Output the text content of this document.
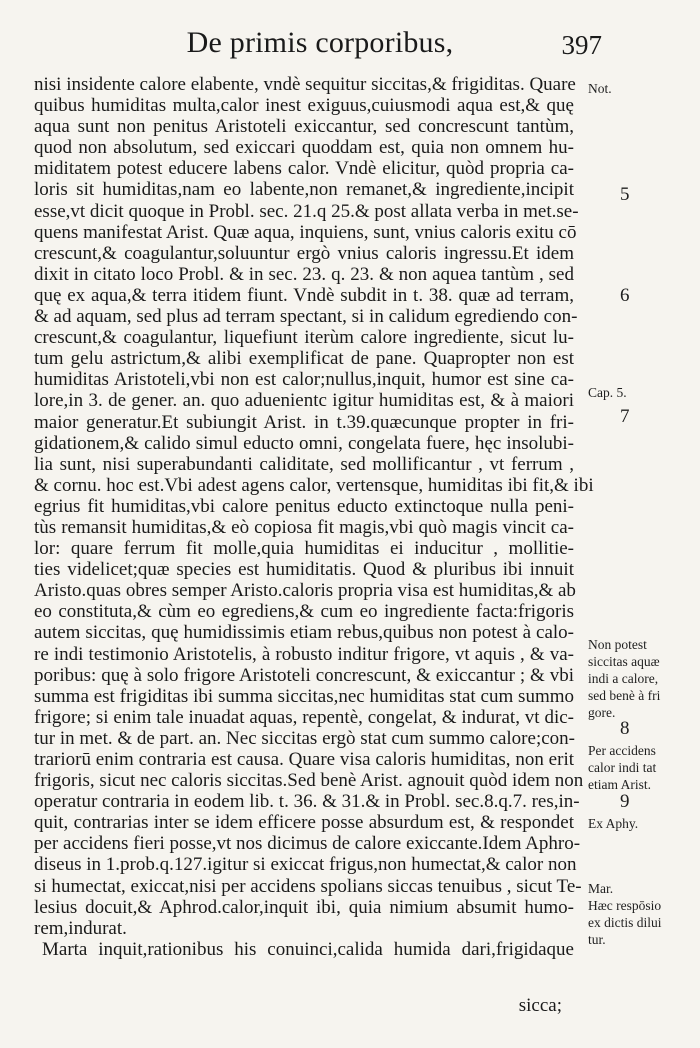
De primis corporibus,	397
nisi insidente calore elabente, vndè sequitur siccitas,& frigiditas. Quare
quibus humiditas multa,calor inest exiguus,cuiusmodi aqua est,& quę
aqua sunt non penitus Aristoteli exiccantur, sed concrescunt tantùm,
quod non absolutum, sed exiccari quoddam est, quia non omnem hu-
miditatem potest educere labens calor. Vndè elicitur, quòd propria ca-
loris sit humiditas,nam eo labente,non remanet,& ingrediente,incipit
esse,vt dicit quoque in Probl. sec. 21.q 25.& post allata verba in met.se-
quens manifestat Arist. Quæ aqua, inquiens, sunt, vnius caloris exitu cō
crescunt,& coagulantur,soluuntur ergò vnius caloris ingressu.Et idem
dixit in citato loco Probl. & in sec. 23. q. 23. & non aquea tantùm , sed
quę ex aqua,& terra itidem fiunt. Vndè subdit in t. 38. quæ ad terram,
& ad aquam, sed plus ad terram spectant, si in calidum egrediendo con-
crescunt,& coagulantur, liquefiunt iterùm calore ingrediente, sicut lu-
tum gelu astrictum,& alibi exemplificat de pane. Quapropter non est
humiditas Aristoteli,vbi non est calor;nullus,inquit, humor est sine ca-
lore,in 3. de gener. an. quo aduenientc igitur humiditas est, & à maiori
maior generatur.Et subiungit Arist. in t.39.quæcunque propter in fri-
gidationem,& calido simul educto omni, congelata fuere, hęc insolubi-
lia sunt, nisi superabundanti caliditate, sed mollificantur , vt ferrum ,
& cornu. hoc est.Vbi adest agens calor, vertensque, humiditas ibi fit,& ibi
egrius fit humiditas,vbi calore penitus educto extinctoque nulla peni-
tùs remansit humiditas,& eò copiosa fit magis,vbi quò magis vincit ca-
lor: quare ferrum fit molle,quia humiditas ei inducitur , mollitie-
ties videlicet;quæ species est humiditatis. Quod & pluribus ibi innuit
Aristo.quas obres semper Aristo.caloris propria visa est humiditas,& ab
eo constituta,& cùm eo egrediens,& cum eo ingrediente facta:frigoris
autem siccitas, quę humidissimis etiam rebus,quibus non potest à calo-
re indi testimonio Aristotelis, à robusto inditur frigore, vt aquis , & va-
poribus: quę à solo frigore Aristoteli concrescunt, & exiccantur ; & vbi
summa est frigiditas ibi summa siccitas,nec humiditas stat cum summo
frigore; si enim tale inuadat aquas, repentè, congelat, & indurat, vt dic-
tur in met. & de part. an. Nec siccitas ergò stat cum summo calore;con-
trariorū enim contraria est causa. Quare visa caloris humiditas, non erit
frigoris, sicut nec caloris siccitas.Sed benè Arist. agnouit quòd idem non
operatur contraria in eodem lib. t. 36. & 31.& in Probl. sec.8.q.7. res,in-
quit, contrarias inter se idem efficere posse absurdum est, & respondet
per accidens fieri posse,vt nos dicimus de calore exiccante.Idem Aphro-
diseus in 1.prob.q.127.igitur si exiccat frigus,non humectat,& calor non
si humectat, exiccat,nisi per accidens spolians siccas tenuibus , sicut Te-
lesius docuit,& Aphrod.calor,inquit ibi, quia nimium absumit humo-
rem,indurat.
Marta inquit,rationibus his conuinci,calida humida dari,frigidaque
sicca;
Not.
5
6
Cap. 5.
7
Non potest
siccitas aquæ
indi a calore,
sed benè à fri
gore.
8
Per accidens
calor indi tat
etiam Arist.
9
Ex Aphy.
Mar.
Hæc respōsio
ex dictis dilui
tur.
